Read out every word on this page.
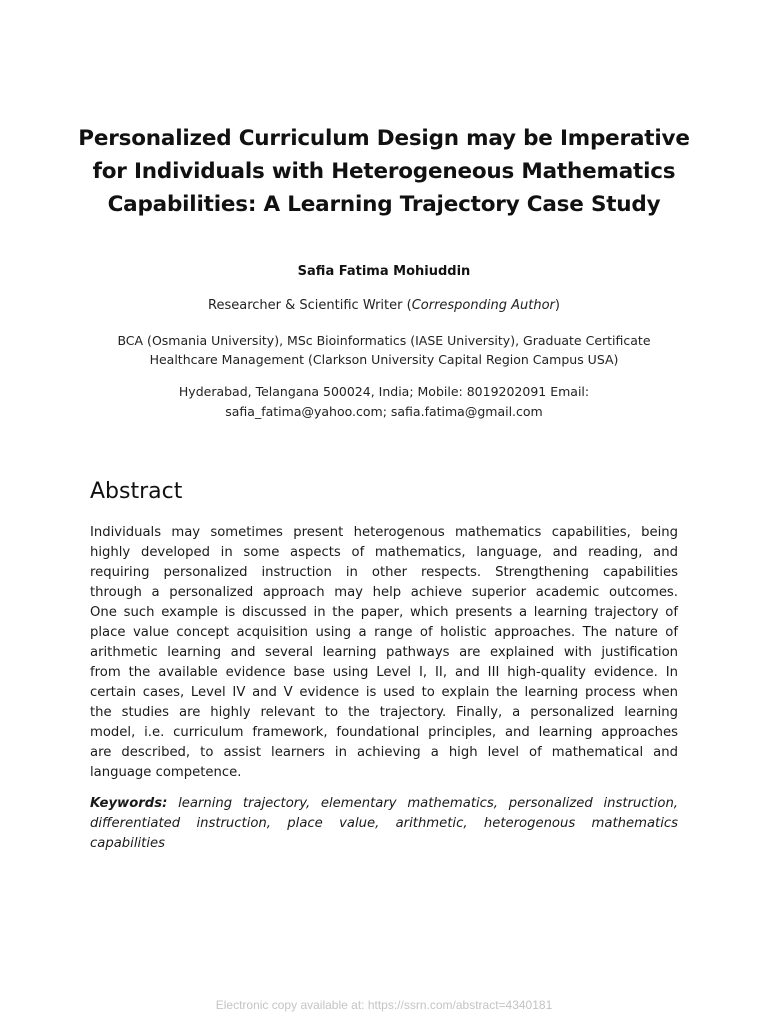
Personalized Curriculum Design may be Imperative
for Individuals with Heterogeneous Mathematics
Capabilities: A Learning Trajectory Case Study
Safia Fatima Mohiuddin
Researcher & Scientific Writer (Corresponding Author)
BCA (Osmania University), MSc Bioinformatics (IASE University), Graduate Certificate
Healthcare Management (Clarkson University Capital Region Campus USA)
Hyderabad, Telangana 500024, India; Mobile: 8019202091 Email:
safia_fatima@yahoo.com; safia.fatima@gmail.com
Abstract
Individuals may sometimes present heterogenous mathematics capabilities, being
highly developed in some aspects of mathematics, language, and reading, and
requiring personalized instruction in other respects. Strengthening capabilities
through a personalized approach may help achieve superior academic outcomes.
One such example is discussed in the paper, which presents a learning trajectory of
place value concept acquisition using a range of holistic approaches. The nature of
arithmetic learning and several learning pathways are explained with justification
from the available evidence base using Level I, II, and III high-quality evidence. In
certain cases, Level IV and V evidence is used to explain the learning process when
the studies are highly relevant to the trajectory. Finally, a personalized learning
model, i.e. curriculum framework, foundational principles, and learning approaches
are described, to assist learners in achieving a high level of mathematical and
language competence.
Keywords: learning trajectory, elementary mathematics, personalized instruction,
differentiated instruction, place value, arithmetic, heterogenous mathematics
capabilities
Electronic copy available at: https://ssrn.com/abstract=4340181
